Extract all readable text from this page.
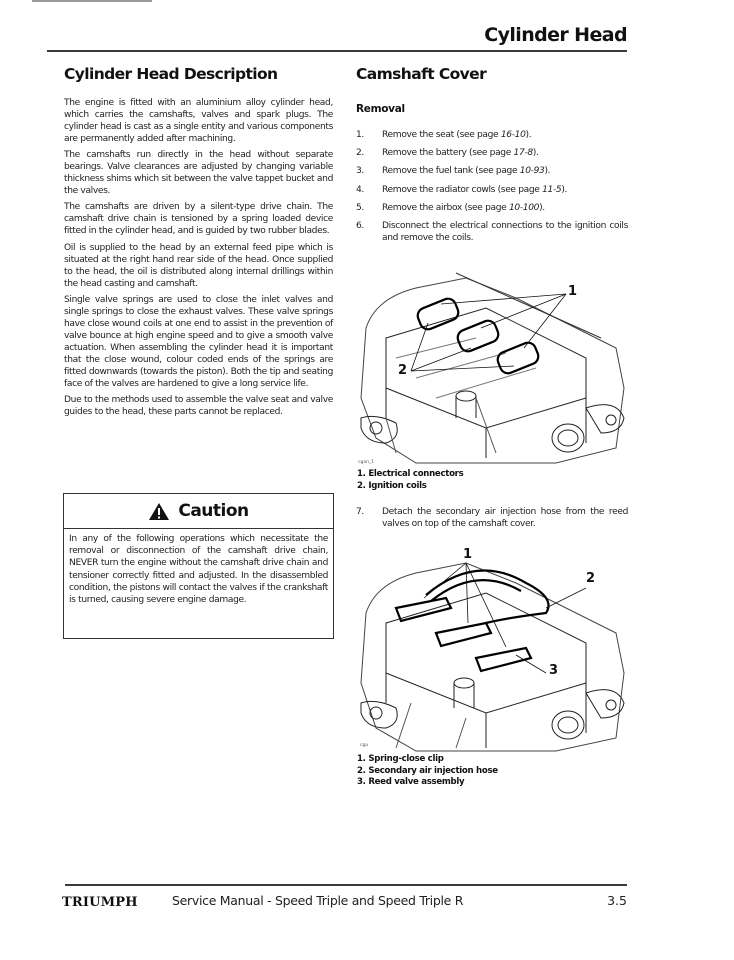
Cylinder Head
Cylinder Head Description

The engine is fitted with an aluminium alloy cylinder head, which carries the camshafts, valves and spark plugs. The cylinder head is cast as a single entity and various components are permanently added after machining.

The camshafts run directly in the head without separate bearings. Valve clearances are adjusted by changing variable thickness shims which sit between the valve tappet bucket and the valves.

The camshafts are driven by a silent-type drive chain. The camshaft drive chain is tensioned by a spring loaded device fitted in the cylinder head, and is guided by two rubber blades.

Oil is supplied to the head by an external feed pipe which is situated at the right hand rear side of the head. Once supplied to the head, the oil is distributed along internal drillings within the head casting and camshaft.

Single valve springs are used to close the inlet valves and single springs to close the exhaust valves. These valve springs have close wound coils at one end to assist in the prevention of valve bounce at high engine speed and to give a smooth valve actuation. When assembling the cylinder head it is important that the close wound, colour coded ends of the springs are fitted downwards (towards the piston). Both the tip and seating face of the valves are hardened to give a long service life.

Due to the methods used to assemble the valve seat and valve guides to the head, these parts cannot be replaced.

Caution
In any of the following operations which necessitate the removal or disconnection of the camshaft drive chain, NEVER turn the engine without the camshaft drive chain and tensioner correctly fitted and adjusted. In the disassembled condition, the pistons will contact the valves if the crankshaft is turned, causing severe engine damage.
Camshaft Cover
Removal
1.	Remove the seat (see page 16-10).
2.	Remove the battery (see page 17-8).
3.	Remove the fuel tank (see page 10-93).
4.	Remove the radiator cowls (see page 11-5).
5.	Remove the airbox (see page 10-100).
6.	Disconnect the electrical connections to the ignition coils and remove the coils.
1
2
cgan_1
1. Electrical connectors
2. Ignition coils
7.	Detach the secondary air injection hose from the reed valves on top of the camshaft cover.
1
2
3
cgu
1. Spring-close clip
2. Secondary air injection hose
3. Reed valve assembly
TRIUMPH	Service Manual - Speed Triple and Speed Triple R	3.5
